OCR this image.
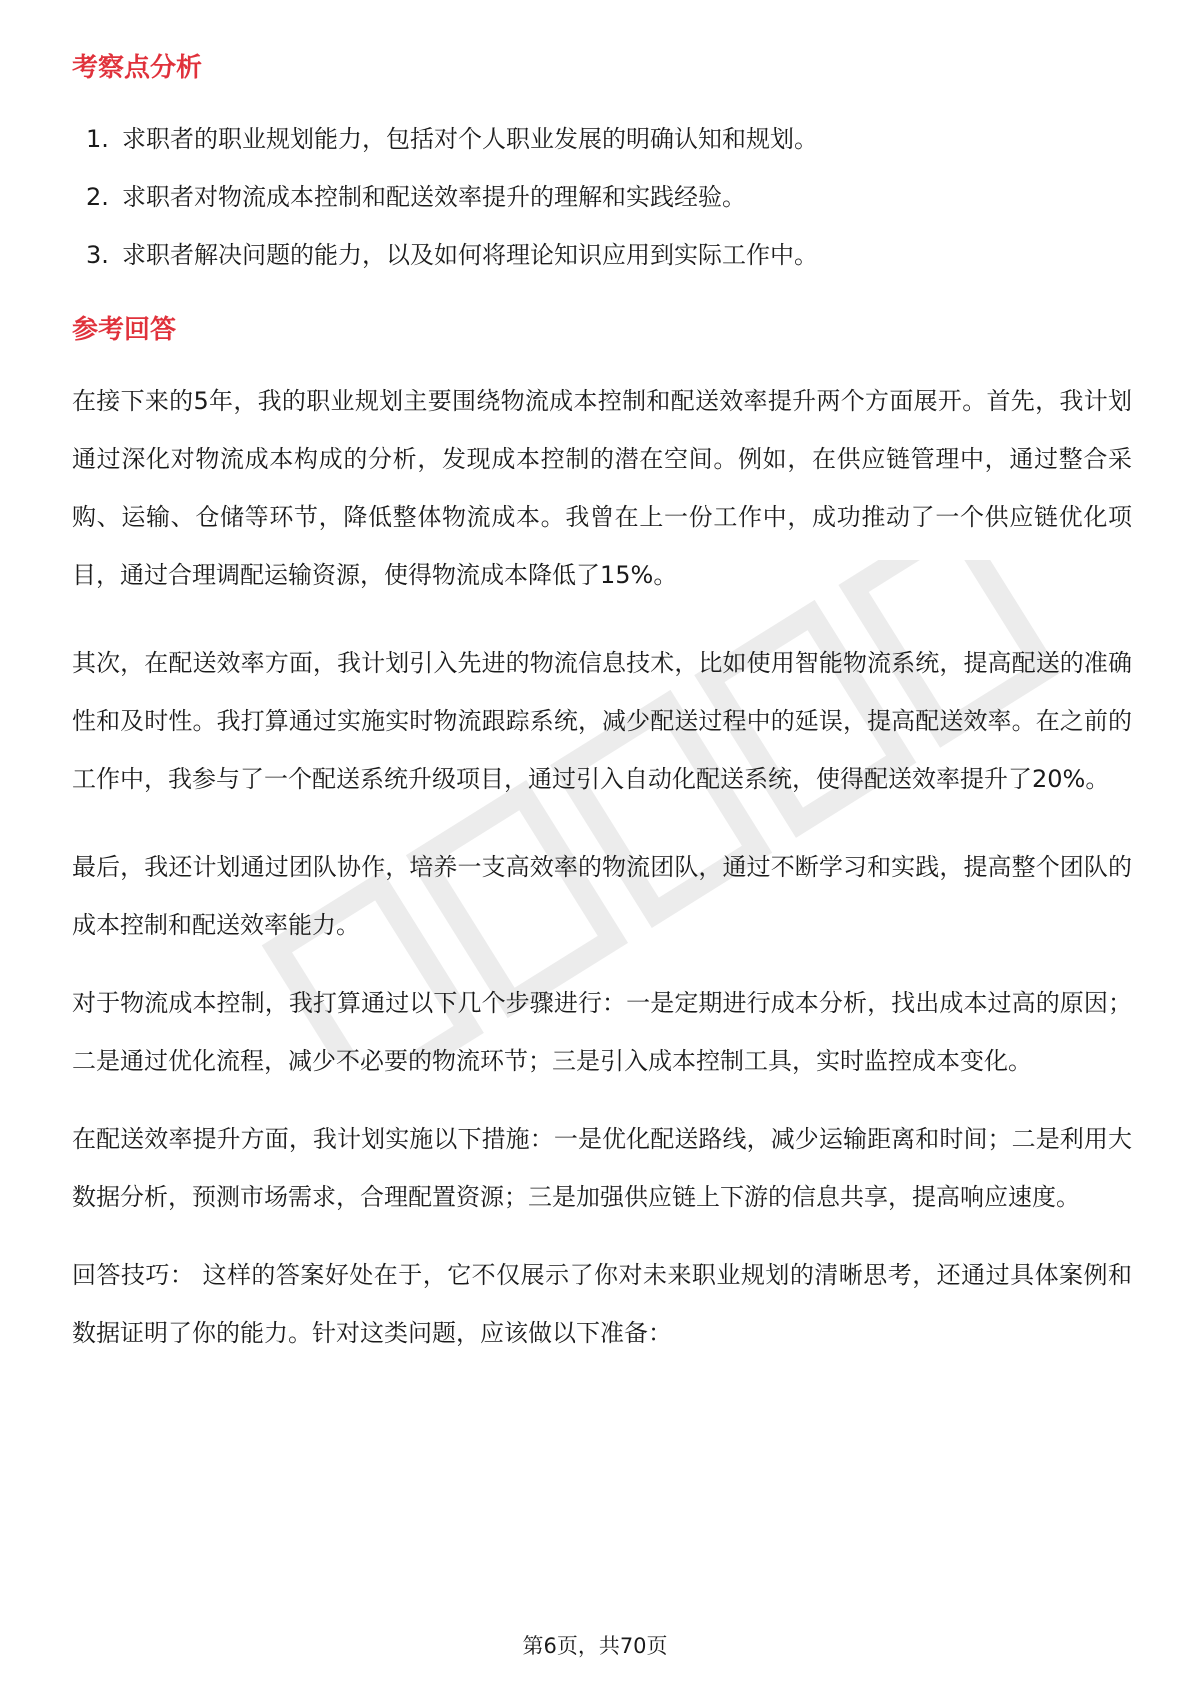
考察点分析
1. 求职者的职业规划能力，包括对个人职业发展的明确认知和规划。
2. 求职者对物流成本控制和配送效率提升的理解和实践经验。
3. 求职者解决问题的能力，以及如何将理论知识应用到实际工作中。
参考回答

在接下来的5年，我的职业规划主要围绕物流成本控制和配送效率提升两个方面展开。首先，我计划通过深化对物流成本构成的分析，发现成本控制的潜在空间。例如，在供应链管理中，通过整合采购、运输、仓储等环节，降低整体物流成本。我曾在上一份工作中，成功推动了一个供应链优化项目，通过合理调配运输资源，使得物流成本降低了15%。

其次，在配送效率方面，我计划引入先进的物流信息技术，比如使用智能物流系统，提高配送的准确性和及时性。我打算通过实施实时物流跟踪系统，减少配送过程中的延误，提高配送效率。在之前的工作中，我参与了一个配送系统升级项目，通过引入自动化配送系统，使得配送效率提升了20%。

最后，我还计划通过团队协作，培养一支高效率的物流团队，通过不断学习和实践，提高整个团队的成本控制和配送效率能力。

对于物流成本控制，我打算通过以下几个步骤进行：一是定期进行成本分析，找出成本过高的原因；二是通过优化流程，减少不必要的物流环节；三是引入成本控制工具，实时监控成本变化。

在配送效率提升方面，我计划实施以下措施：一是优化配送路线，减少运输距离和时间；二是利用大数据分析，预测市场需求，合理配置资源；三是加强供应链上下游的信息共享，提高响应速度。

回答技巧： 这样的答案好处在于，它不仅展示了你对未来职业规划的清晰思考，还通过具体案例和数据证明了你的能力。针对这类问题，应该做以下准备：

第6页，共70页
